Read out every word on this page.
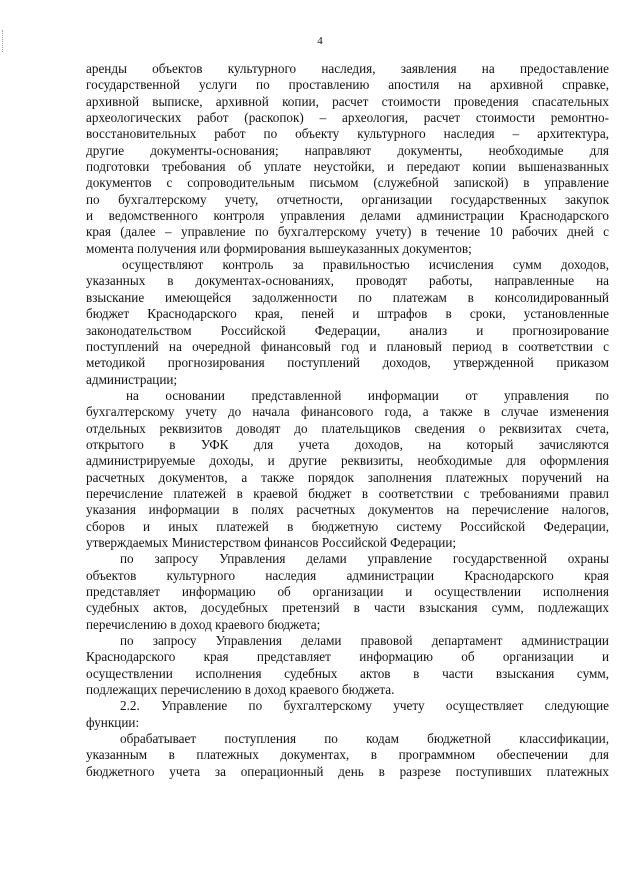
4
аренды объектов культурного наследия, заявления на предоставление
государственной услуги по проставлению апостиля на архивной справке,
архивной выписке, архивной копии, расчет стоимости проведения спасательных
археологических работ (раскопок) – археология, расчет стоимости ремонтно-
восстановительных работ по объекту культурного наследия – архитектура,
другие документы-основания; направляют документы, необходимые для
подготовки требования об уплате неустойки, и передают копии вышеназванных
документов с сопроводительным письмом (служебной запиской) в управление
по бухгалтерскому учету, отчетности, организации государственных закупок
и ведомственного контроля управления делами администрации Краснодарского
края (далее – управление по бухгалтерскому учету) в течение 10 рабочих дней с
момента получения или формирования вышеуказанных документов;
осуществляют контроль за правильностью исчисления сумм доходов,
указанных в документах-основаниях, проводят работы, направленные на
взыскание имеющейся задолженности по платежам в консолидированный
бюджет Краснодарского края, пеней и штрафов в сроки, установленные
законодательством Российской Федерации, анализ и прогнозирование
поступлений на очередной финансовый год и плановый период в соответствии с
методикой прогнозирования поступлений доходов, утвержденной приказом
администрации;
на основании представленной информации от управления по
бухгалтерскому учету до начала финансового года, а также в случае изменения
отдельных реквизитов доводят до плательщиков сведения о реквизитах счета,
открытого в УФК для учета доходов, на который зачисляются
администрируемые доходы, и другие реквизиты, необходимые для оформления
расчетных документов, а также порядок заполнения платежных поручений на
перечисление платежей в краевой бюджет в соответствии с требованиями правил
указания информации в полях расчетных документов на перечисление налогов,
сборов и иных платежей в бюджетную систему Российской Федерации,
утверждаемых Министерством финансов Российской Федерации;
по запросу Управления делами управление государственной охраны
объектов культурного наследия администрации Краснодарского края
представляет информацию об организации и осуществлении исполнения
судебных актов, досудебных претензий в части взыскания сумм, подлежащих
перечислению в доход краевого бюджета;
по запросу Управления делами правовой департамент администрации
Краснодарского края представляет информацию об организации и
осуществлении исполнения судебных актов в части взыскания сумм,
подлежащих перечислению в доход краевого бюджета.
2.2. Управление по бухгалтерскому учету осуществляет следующие
функции:
обрабатывает поступления по кодам бюджетной классификации,
указанным в платежных документах, в программном обеспечении для
бюджетного учета за операционный день в разрезе поступивших платежных
